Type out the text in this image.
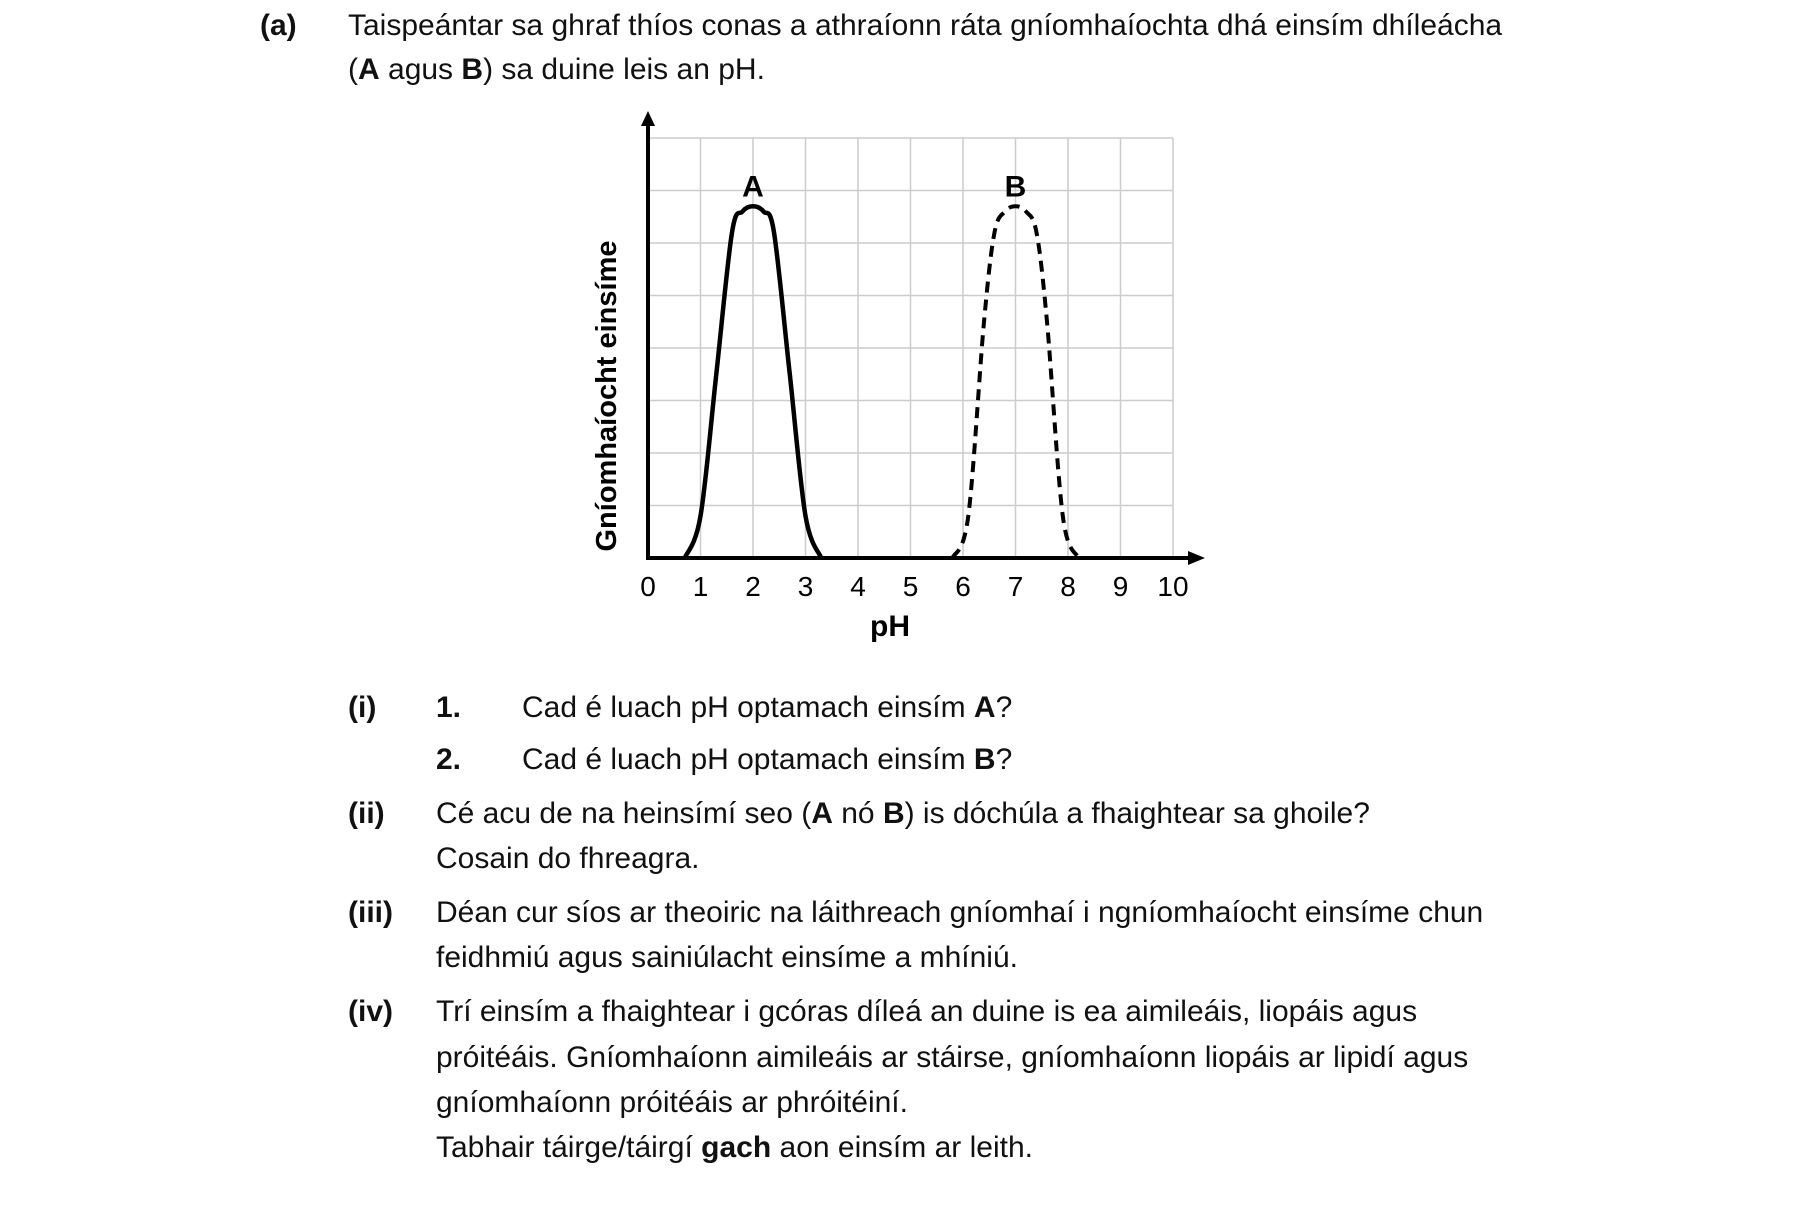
(a) Taispeántar sa ghraf thíos conas a athraíonn ráta gníomhaíochta dhá einsím dhíleácha
(A agus B) sa duine leis an pH.
A	B
0 1 2 3 4 5 6 7 8 9 10
pH
Gníomhaíocht einsíme
(i) 1. Cad é luach pH optamach einsím A?
2. Cad é luach pH optamach einsím B?
(ii) Cé acu de na heinsímí seo (A nó B) is dóchúla a fhaightear sa ghoile?
Cosain do fhreagra.
(iii) Déan cur síos ar theoiric na láithreach gníomhaí i ngníomhaíocht einsíme chun
feidhmiú agus sainiúlacht einsíme a mhíniú.
(iv) Trí einsím a fhaightear i gcóras díleá an duine is ea aimileáis, liopáis agus
próitéáis. Gníomhaíonn aimileáis ar stáirse, gníomhaíonn liopáis ar lipidí agus
gníomhaíonn próitéáis ar phróitéiní.
Tabhair táirge/táirgí gach aon einsím ar leith.
